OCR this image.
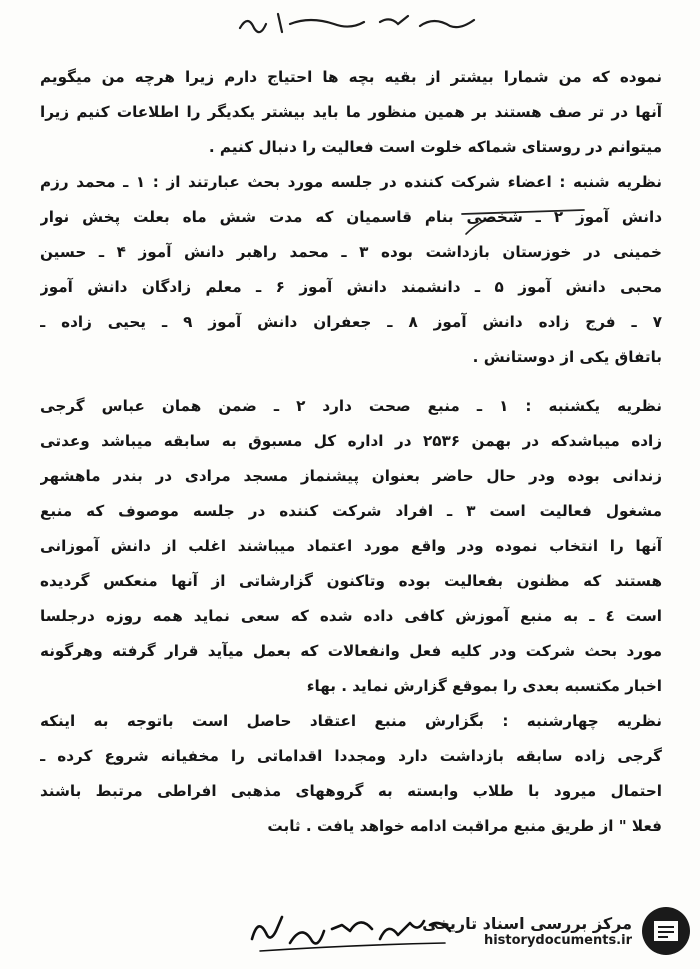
نموده که من شمارا بیشتر از بقیه بچه ها احتیاج دارم زیرا هرچه من میگویم
آنها در تر صف هستند بر همین منظور ما باید بیشتر یکدیگر را اطلاعات کنیم زیرا
میتوانم در روستای شماکه خلوت است فعالیت را دنبال کنیم .
نظریه شنبه : اعضاء شرکت کننده در جلسه مورد بحث عبارتند از : ۱ ـ محمد رزم
دانش آموز ۲ ـ شخصی بنام قاسمیان که مدت شش ماه بعلت پخش نوار
خمینی در خوزستان بازداشت بوده ۳ ـ محمد راهبر دانش آموز ۴ ـ حسین
محبی دانش آموز ۵ ـ دانشمند دانش آموز ۶ ـ معلم زادگان دانش آموز
۷ ـ فرج زاده دانش آموز ۸ ـ جعفران دانش آموز ۹ ـ یحیی زاده ـ
باتفاق یکی از دوستانش .
نظریه یکشنبه : ۱ ـ منبع صحت دارد ۲ ـ ضمن همان عباس گرجی
زاده میباشدکه در بهمن ۲۵۳۶ در اداره کل مسبوق به سابقه میباشد وعدتی
زندانی بوده ودر حال حاضر بعنوان پیشنماز مسجد مرادی در بندر ماهشهر
مشغول فعالیت است ۳ ـ افراد شرکت کننده در جلسه موصوف که منبع
آنها را انتخاب نموده ودر واقع مورد اعتماد میباشند اغلب از دانش آموزانی
هستند که مظنون بفعالیت بوده وتاکنون گزارشاتی از آنها منعکس گردیده
است ٤ ـ به منبع آموزش کافی داده شده که سعی نماید همه روزه درجلسا
مورد بحث شرکت ودر کلیه فعل وانفعالات که بعمل میآید قرار گرفته وهرگونه
اخبار مکتسبه بعدی را بموقع گزارش نماید . بهاء
نظریه چهارشنبه : بگزارش منبع اعتقاد حاصل است باتوجه به اینکه
گرجی زاده سابقه بازداشت دارد ومجددا اقداماتی را مخفیانه شروع کرده ـ
احتمال میرود با طلاب وابسته به گروههای مذهبی افراطی مرتبط باشند
فعلا " از طریق منبع مراقبت ادامه خواهد یافت . ثابت
مرکز بررسی اسناد تاریخی
historydocuments.ir
